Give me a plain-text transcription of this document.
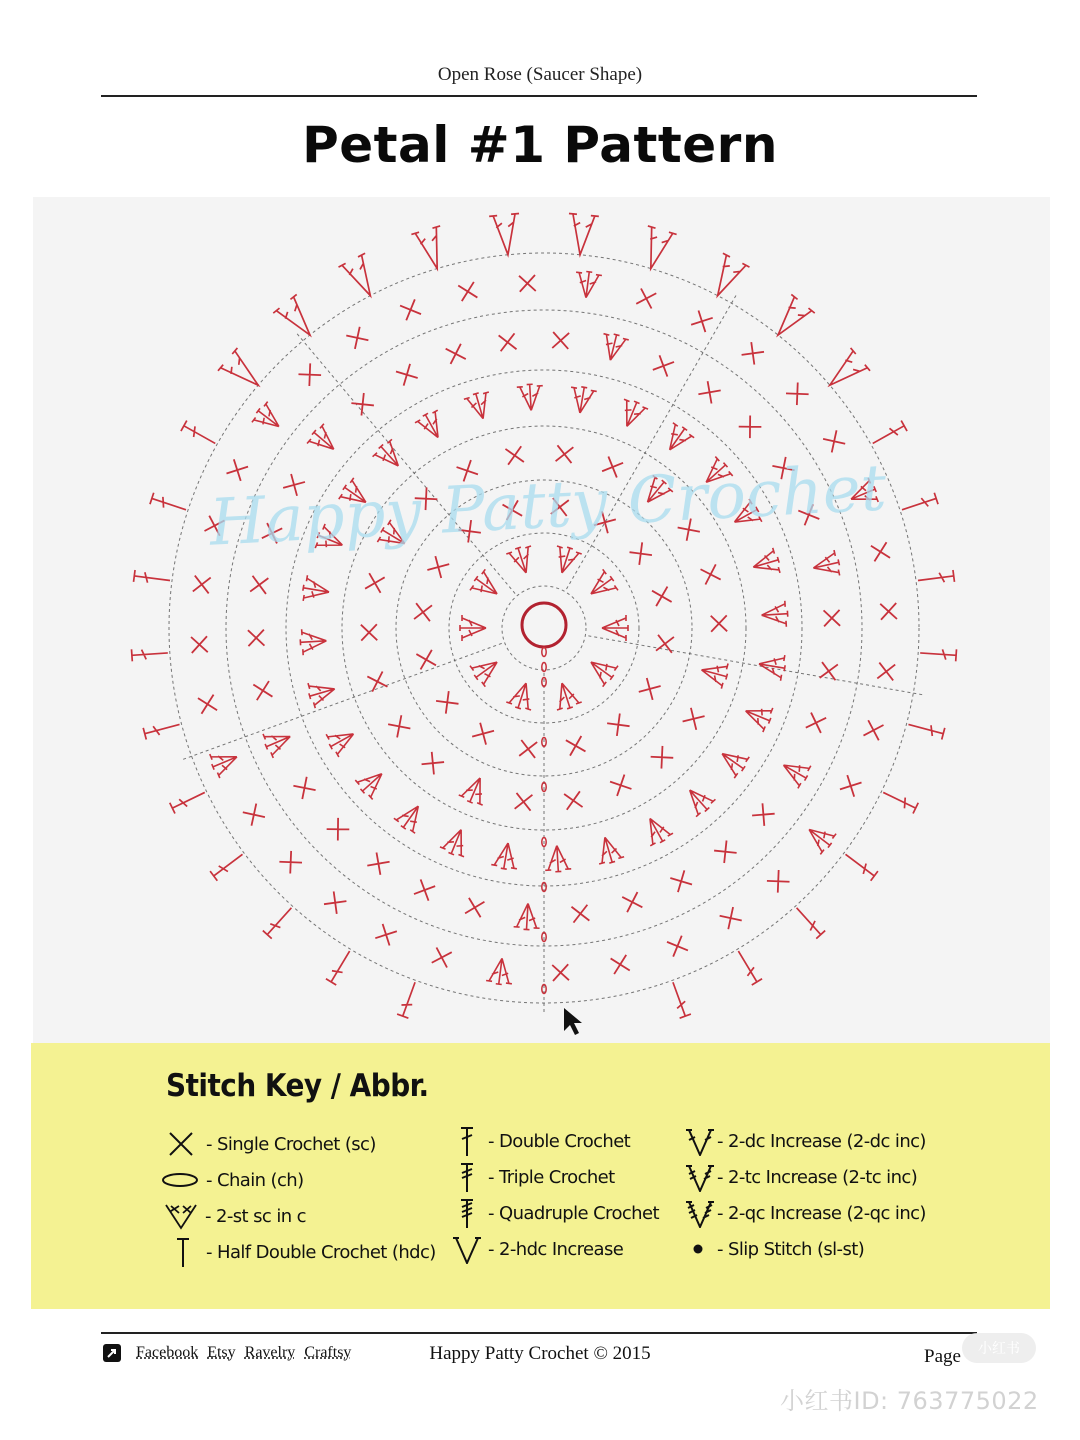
Open Rose (Saucer Shape)
Petal #1 Pattern
Happy Patty Crochet
Stitch Key / Abbr.
- Single Crochet (sc)
- Chain (ch)
- 2-st sc in c
- Half Double Crochet (hdc)
- Double Crochet
- Triple Crochet
- Quadruple Crochet
- 2-hdc Increase
- 2-dc Increase (2-dc inc)
- 2-tc Increase (2-tc inc)
- 2-qc Increase (2-qc inc)
- Slip Stitch (sl-st)
Facebook Etsy Ravelry Craftsy	Happy Patty Crochet © 2015	Page	小红书
小红书ID: 763775022
